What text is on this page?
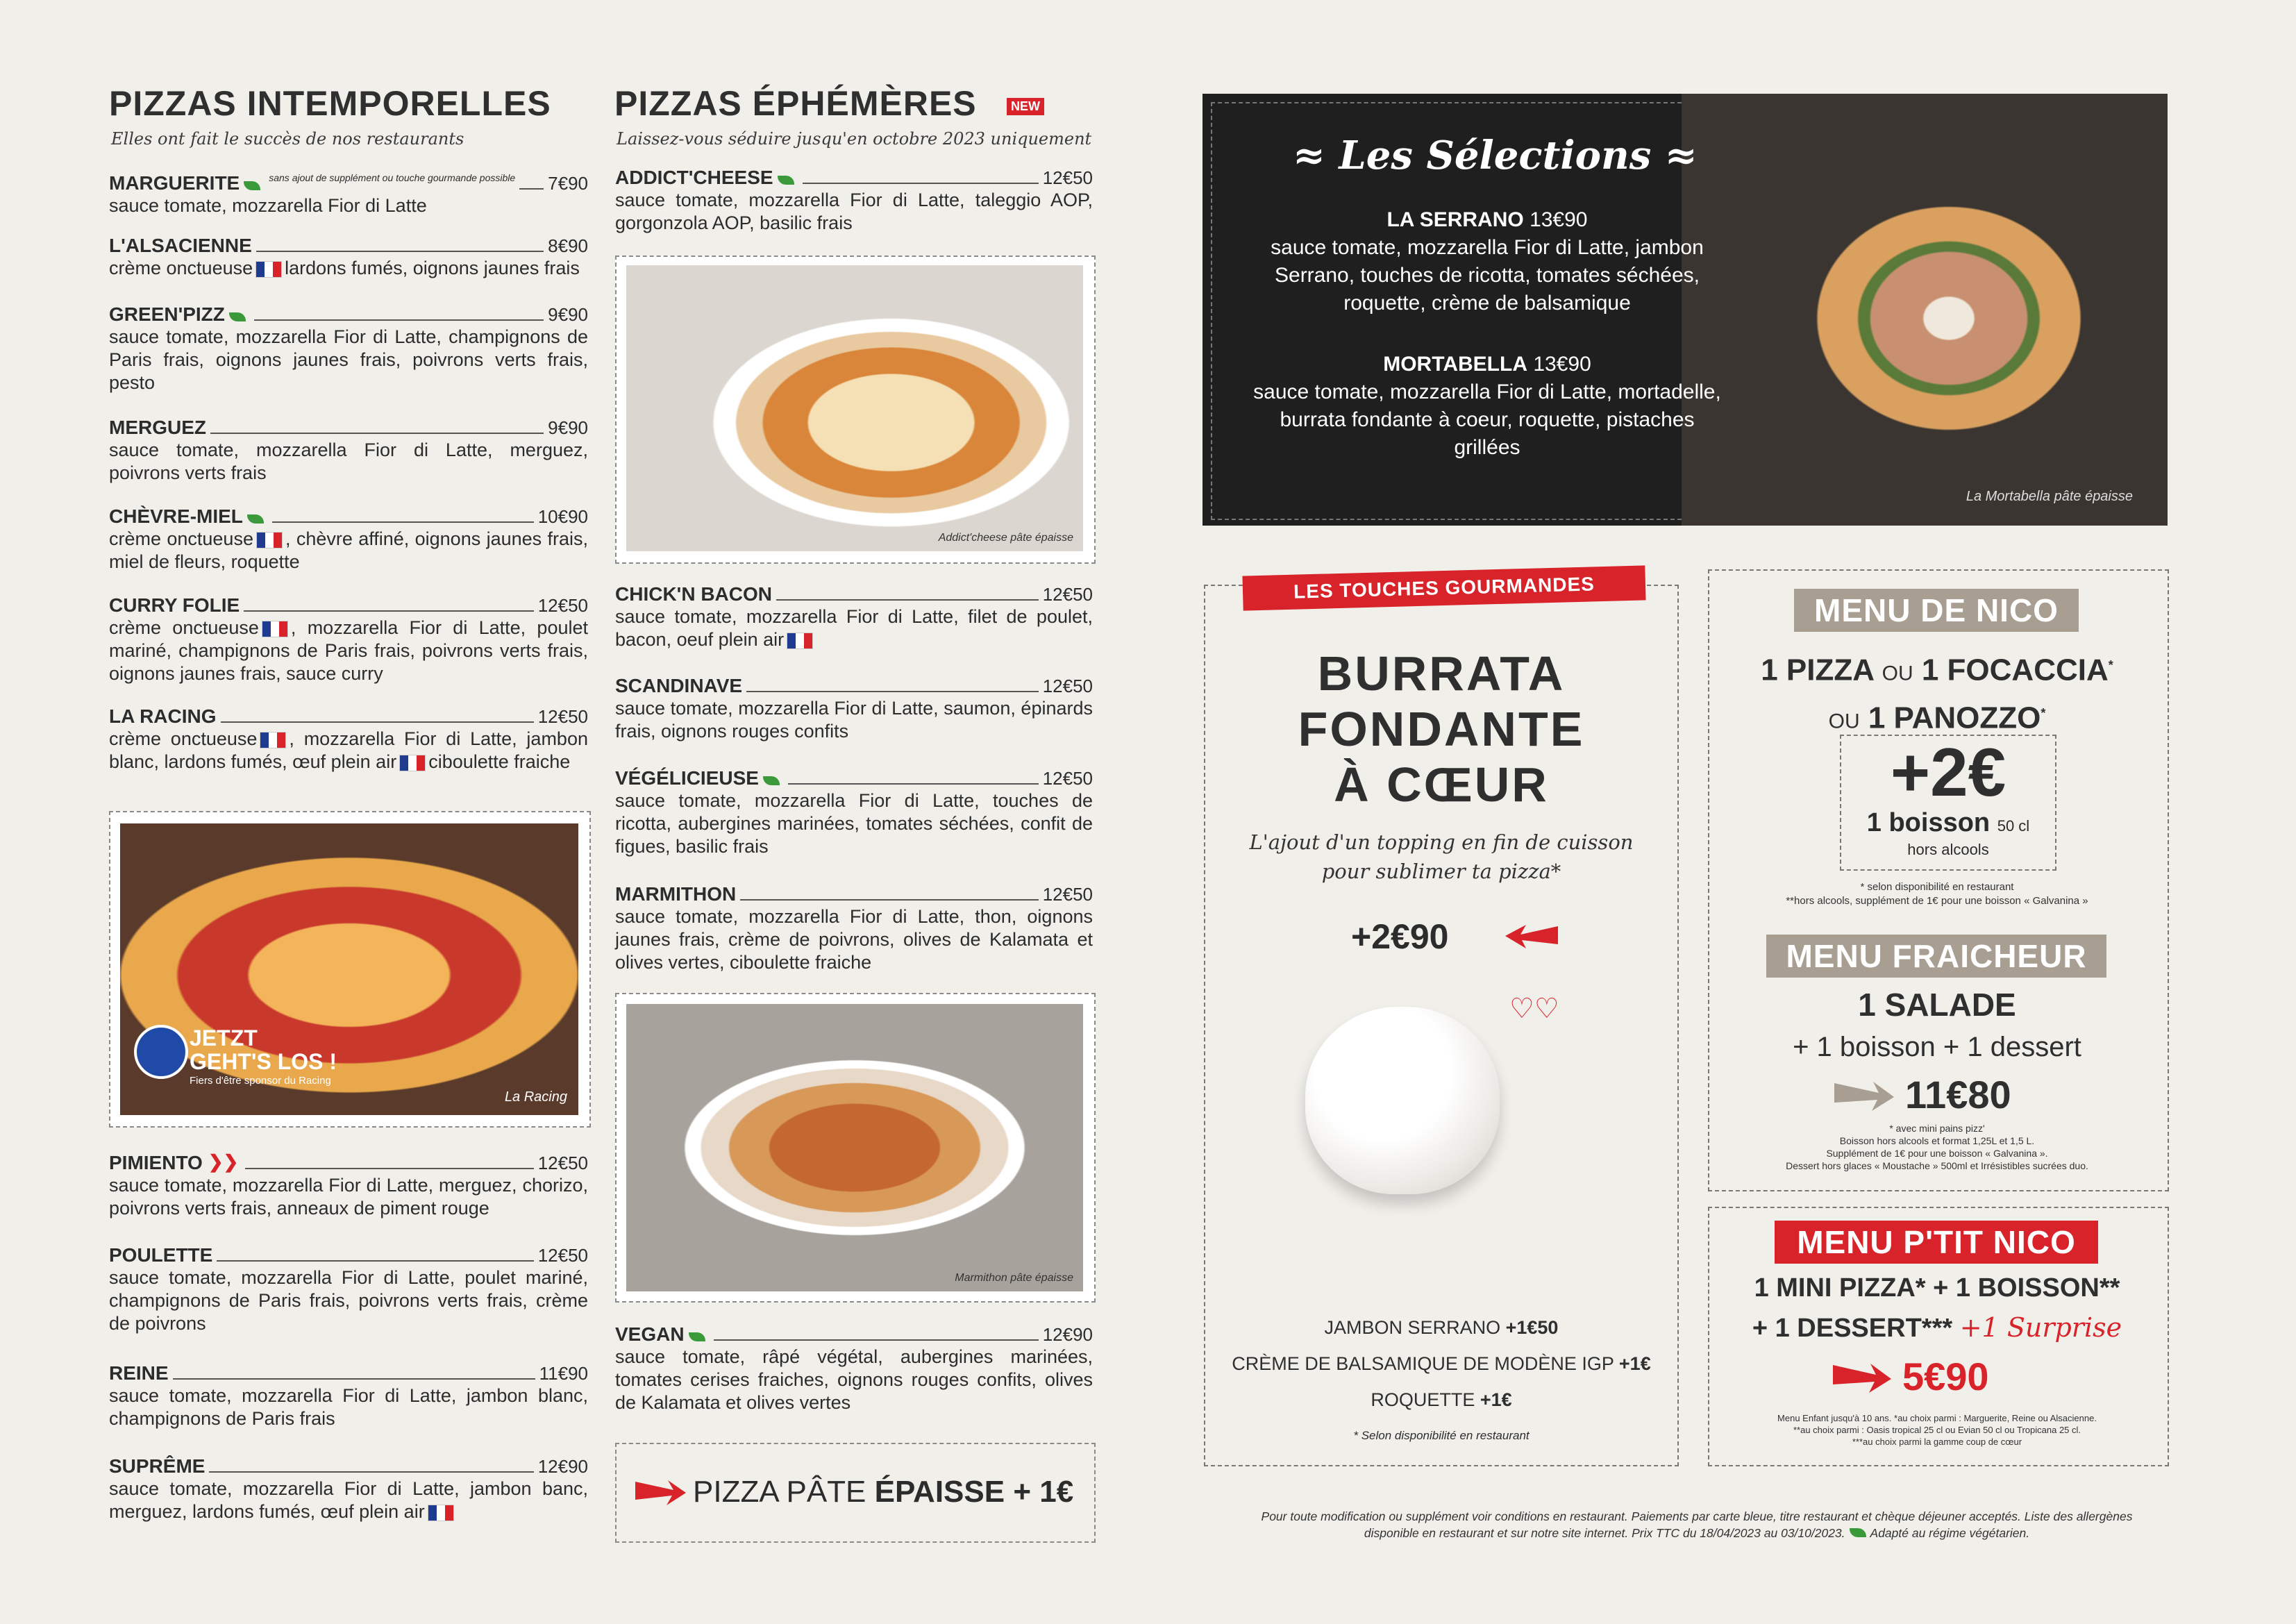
PIZZAS INTEMPORELLES
Elles ont fait le succès de nos restaurants
MARGUERITE	sans ajout de supplément ou touche gourmande possible 7€90
sauce tomate, mozzarella Fior di Latte
L'ALSACIENNE	8€90
crème onctueuse lardons fumés, oignons jaunes frais
GREEN'PIZZ	9€90
sauce tomate, mozzarella Fior di Latte, champignons de Paris frais, oignons jaunes frais, poivrons verts frais, pesto
MERGUEZ	9€90
sauce tomate, mozzarella Fior di Latte, merguez, poivrons verts frais
CHÈVRE-MIEL	10€90
crème onctueuse , chèvre affiné, oignons jaunes frais, miel de fleurs, roquette
CURRY FOLIE	12€50
crème onctueuse , mozzarella Fior di Latte, poulet mariné, champignons de Paris frais, poivrons verts frais, oignons jaunes frais, sauce curry
LA RACING	12€50
crème onctueuse , mozzarella Fior di Latte, jambon blanc, lardons fumés, œuf plein air ciboulette fraiche
JETZT
GEHT'S LOS !
Fiers d'être sponsor du Racing
La Racing
PIMIENTO ❯❯	12€50
sauce tomate, mozzarella Fior di Latte, merguez, chorizo, poivrons verts frais, anneaux de piment rouge
POULETTE	12€50
sauce tomate, mozzarella Fior di Latte, poulet mariné, champignons de Paris frais, poivrons verts frais, crème de poivrons
REINE	11€90
sauce tomate, mozzarella Fior di Latte, jambon blanc, champignons de Paris frais
SUPRÊME	12€90
sauce tomate, mozzarella Fior di Latte, jambon banc, merguez, lardons fumés, œuf plein air
PIZZAS ÉPHÉMÈRES	NEW
Laissez-vous séduire jusqu'en octobre 2023 uniquement
ADDICT'CHEESE	12€50
sauce tomate, mozzarella Fior di Latte, taleggio AOP, gorgonzola AOP, basilic frais
Addict'cheese pâte épaisse
CHICK'N BACON	12€50
sauce tomate, mozzarella Fior di Latte, filet de poulet, bacon, oeuf plein air
SCANDINAVE	12€50
sauce tomate, mozzarella Fior di Latte, saumon, épinards frais, oignons rouges confits
VÉGÉLICIEUSE	12€50
sauce tomate, mozzarella Fior di Latte, touches de ricotta, aubergines marinées, tomates séchées, confit de figues, basilic frais
MARMITHON	12€50
sauce tomate, mozzarella Fior di Latte, thon, oignons jaunes frais, crème de poivrons, olives de Kalamata et olives vertes, ciboulette fraiche
Marmithon pâte épaisse
VEGAN	12€90
sauce tomate, râpé végétal, aubergines marinées, tomates cerises fraiches, oignons rouges confits, olives de Kalamata et olives vertes
PIZZA PÂTE ÉPAISSE + 1€
≈ Les Sélections ≈
LA SERRANO 13€90
sauce tomate, mozzarella Fior di Latte, jambon Serrano, touches de ricotta, tomates séchées, roquette, crème de balsamique
MORTABELLA 13€90
sauce tomate, mozzarella Fior di Latte, mortadelle, burrata fondante à coeur, roquette, pistaches grillées
La Mortabella pâte épaisse
LES TOUCHES GOURMANDES
BURRATA
FONDANTE
À CŒUR
L'ajout d'un topping en fin de cuisson
pour sublimer ta pizza*
+2€90
♡♡
JAMBON SERRANO +1€50
CRÈME DE BALSAMIQUE DE MODÈNE IGP +1€
ROQUETTE +1€
* Selon disponibilité en restaurant
MENU DE NICO
1 PIZZA OU 1 FOCACCIA*
OU 1 PANOZZO*
+2€
1 boisson 50 cl
hors alcools
* selon disponibilité en restaurant
**hors alcools, supplément de 1€ pour une boisson « Galvanina »
MENU FRAICHEUR
1 SALADE
+ 1 boisson + 1 dessert
11€80
* avec mini pains pizz'
Boisson hors alcools et format 1,25L et 1,5 L.
Supplément de 1€ pour une boisson « Galvanina ».
Dessert hors glaces « Moustache » 500ml et Irrésistibles sucrées duo.
MENU P'TIT NICO
1 MINI PIZZA* + 1 BOISSON**
+ 1 DESSERT*** +1 Surprise
5€90
Menu Enfant jusqu'à 10 ans. *au choix parmi : Marguerite, Reine ou Alsacienne.
**au choix parmi : Oasis tropical 25 cl ou Evian 50 cl ou Tropicana 25 cl.
***au choix parmi la gamme coup de cœur
Pour toute modification ou supplément voir conditions en restaurant. Paiements par carte bleue, titre restaurant et chèque déjeuner acceptés. Liste des allergènes
disponible en restaurant et sur notre site internet. Prix TTC du 18/04/2023 au 03/10/2023. Adapté au régime végétarien.
